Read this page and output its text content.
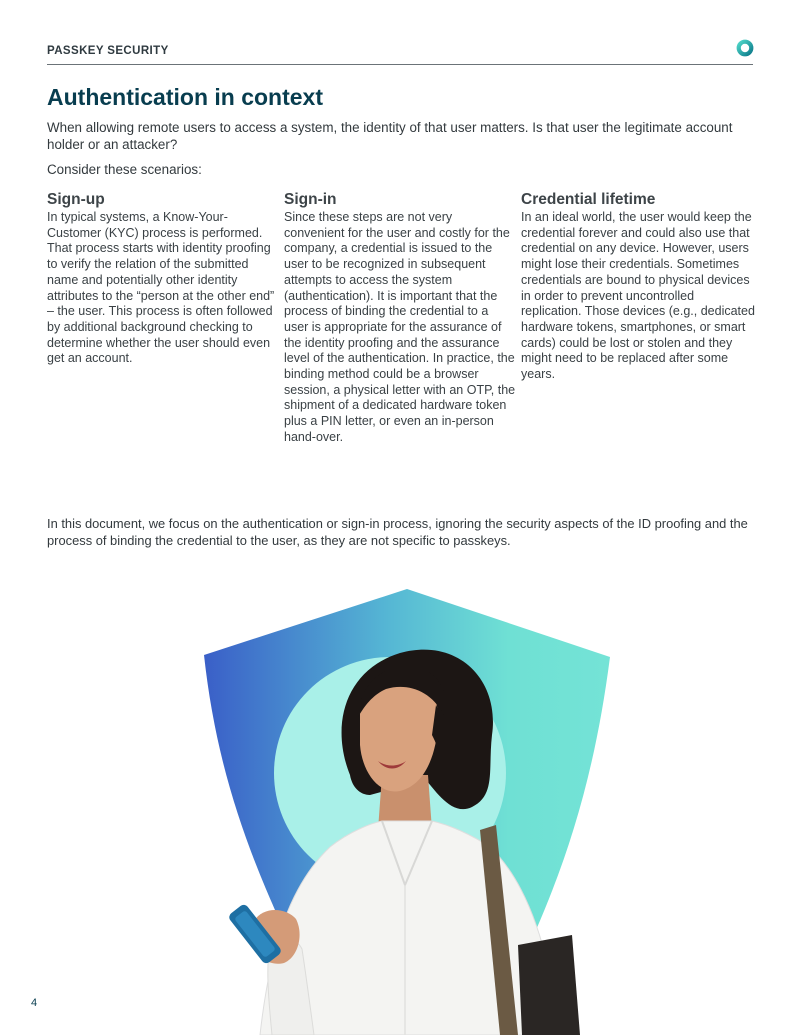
PASSKEY SECURITY
Authentication in context

When allowing remote users to access a system, the identity of that user matters. Is that user the legitimate account holder or an attacker?

Consider these scenarios:

Sign-up

In typical systems, a Know-Your-Customer (KYC) process is performed. That process starts with identity proofing to verify the relation of the submitted name and potentially other identity attributes to the “person at the other end” – the user. This process is often followed by additional background checking to determine whether the user should even get an account.

Sign-in

Since these steps are not very convenient for the user and costly for the company, a credential is issued to the user to be recognized in subsequent attempts to access the system (authentication). It is important that the process of binding the credential to a user is appropriate for the assurance of the identity proofing and the assurance level of the authentication. In practice, the binding method could be a browser session, a physical letter with an OTP, the shipment of a dedicated hardware token plus a PIN letter, or even an in-person hand-over.

Credential lifetime

In an ideal world, the user would keep the credential forever and could also use that credential on any device. However, users might lose their credentials. Sometimes credentials are bound to physical devices in order to prevent uncontrolled replication. Those devices (e.g., dedicated hardware tokens, smartphones, or smart cards) could be lost or stolen and they might need to be replaced after some years.

In this document, we focus on the authentication or sign-in process, ignoring the security aspects of the ID proofing and the process of binding the credential to the user, as they are not specific to passkeys.

4
